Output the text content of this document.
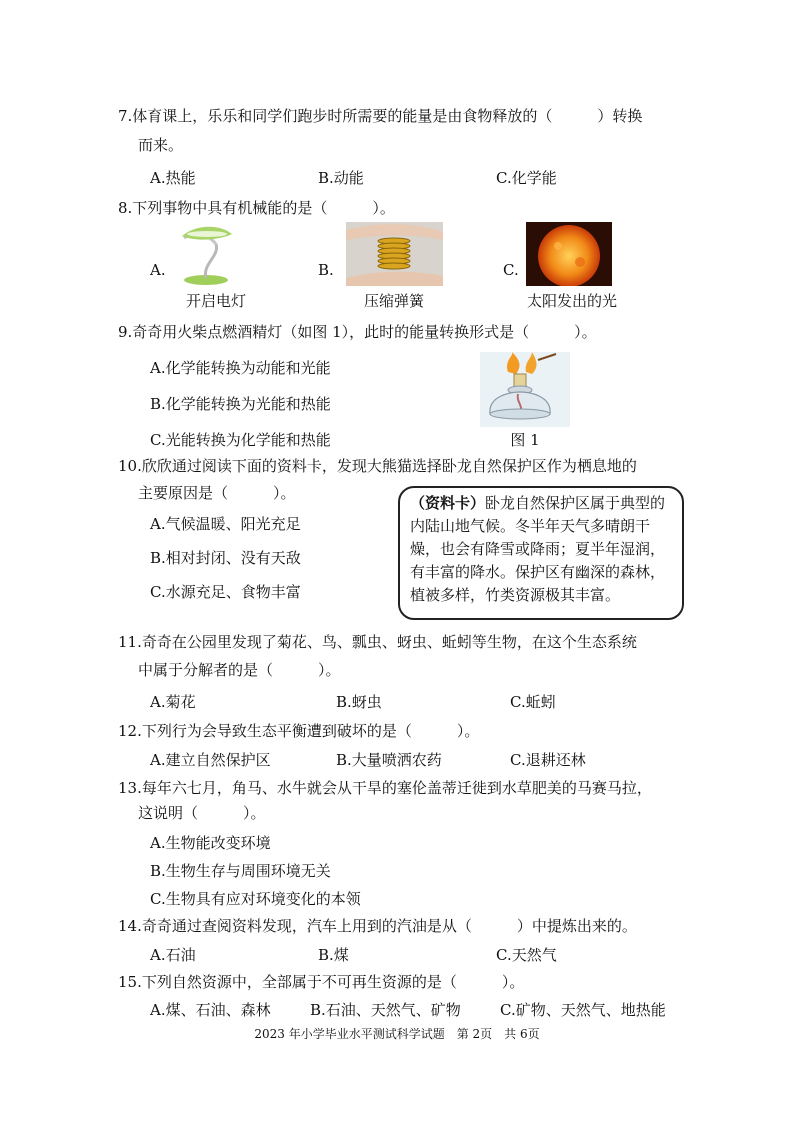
7.体育课上，乐乐和同学们跑步时所需要的能量是由食物释放的（　　　）转换
而来。
A.热能	B.动能	C.化学能
8.下列事物中具有机械能的是（　　　）。
A.	B.	C.
开启电灯	压缩弹簧	太阳发出的光
9.奇奇用火柴点燃酒精灯（如图 1），此时的能量转换形式是（　　　）。
A.化学能转换为动能和光能
B.化学能转换为光能和热能
C.光能转换为化学能和热能	图 1
10.欣欣通过阅读下面的资料卡，发现大熊猫选择卧龙自然保护区作为栖息地的
主要原因是（　　　）。
A.气候温暖、阳光充足
B.相对封闭、没有天敌
C.水源充足、食物丰富
（资料卡）卧龙自然保护区属于典型的内陆山地气候。冬半年天气多晴朗干燥，也会有降雪或降雨；夏半年湿润，有丰富的降水。保护区有幽深的森林，植被多样，竹类资源极其丰富。
11.奇奇在公园里发现了菊花、鸟、瓢虫、蚜虫、蚯蚓等生物，在这个生态系统
中属于分解者的是（　　　）。
A.菊花	B.蚜虫	C.蚯蚓
12.下列行为会导致生态平衡遭到破坏的是（　　　）。
A.建立自然保护区	B.大量喷洒农药	C.退耕还林
13.每年六七月，角马、水牛就会从干旱的塞伦盖蒂迁徙到水草肥美的马赛马拉，
这说明（　　　）。
A.生物能改变环境
B.生物生存与周围环境无关
C.生物具有应对环境变化的本领
14.奇奇通过查阅资料发现，汽车上用到的汽油是从（　　　）中提炼出来的。
A.石油	B.煤	C.天然气
15.下列自然资源中，全部属于不可再生资源的是（　　　）。
A.煤、石油、森林	B.石油、天然气、矿物	C.矿物、天然气、地热能
2023 年小学毕业水平测试科学试题　第 2页　共 6页
